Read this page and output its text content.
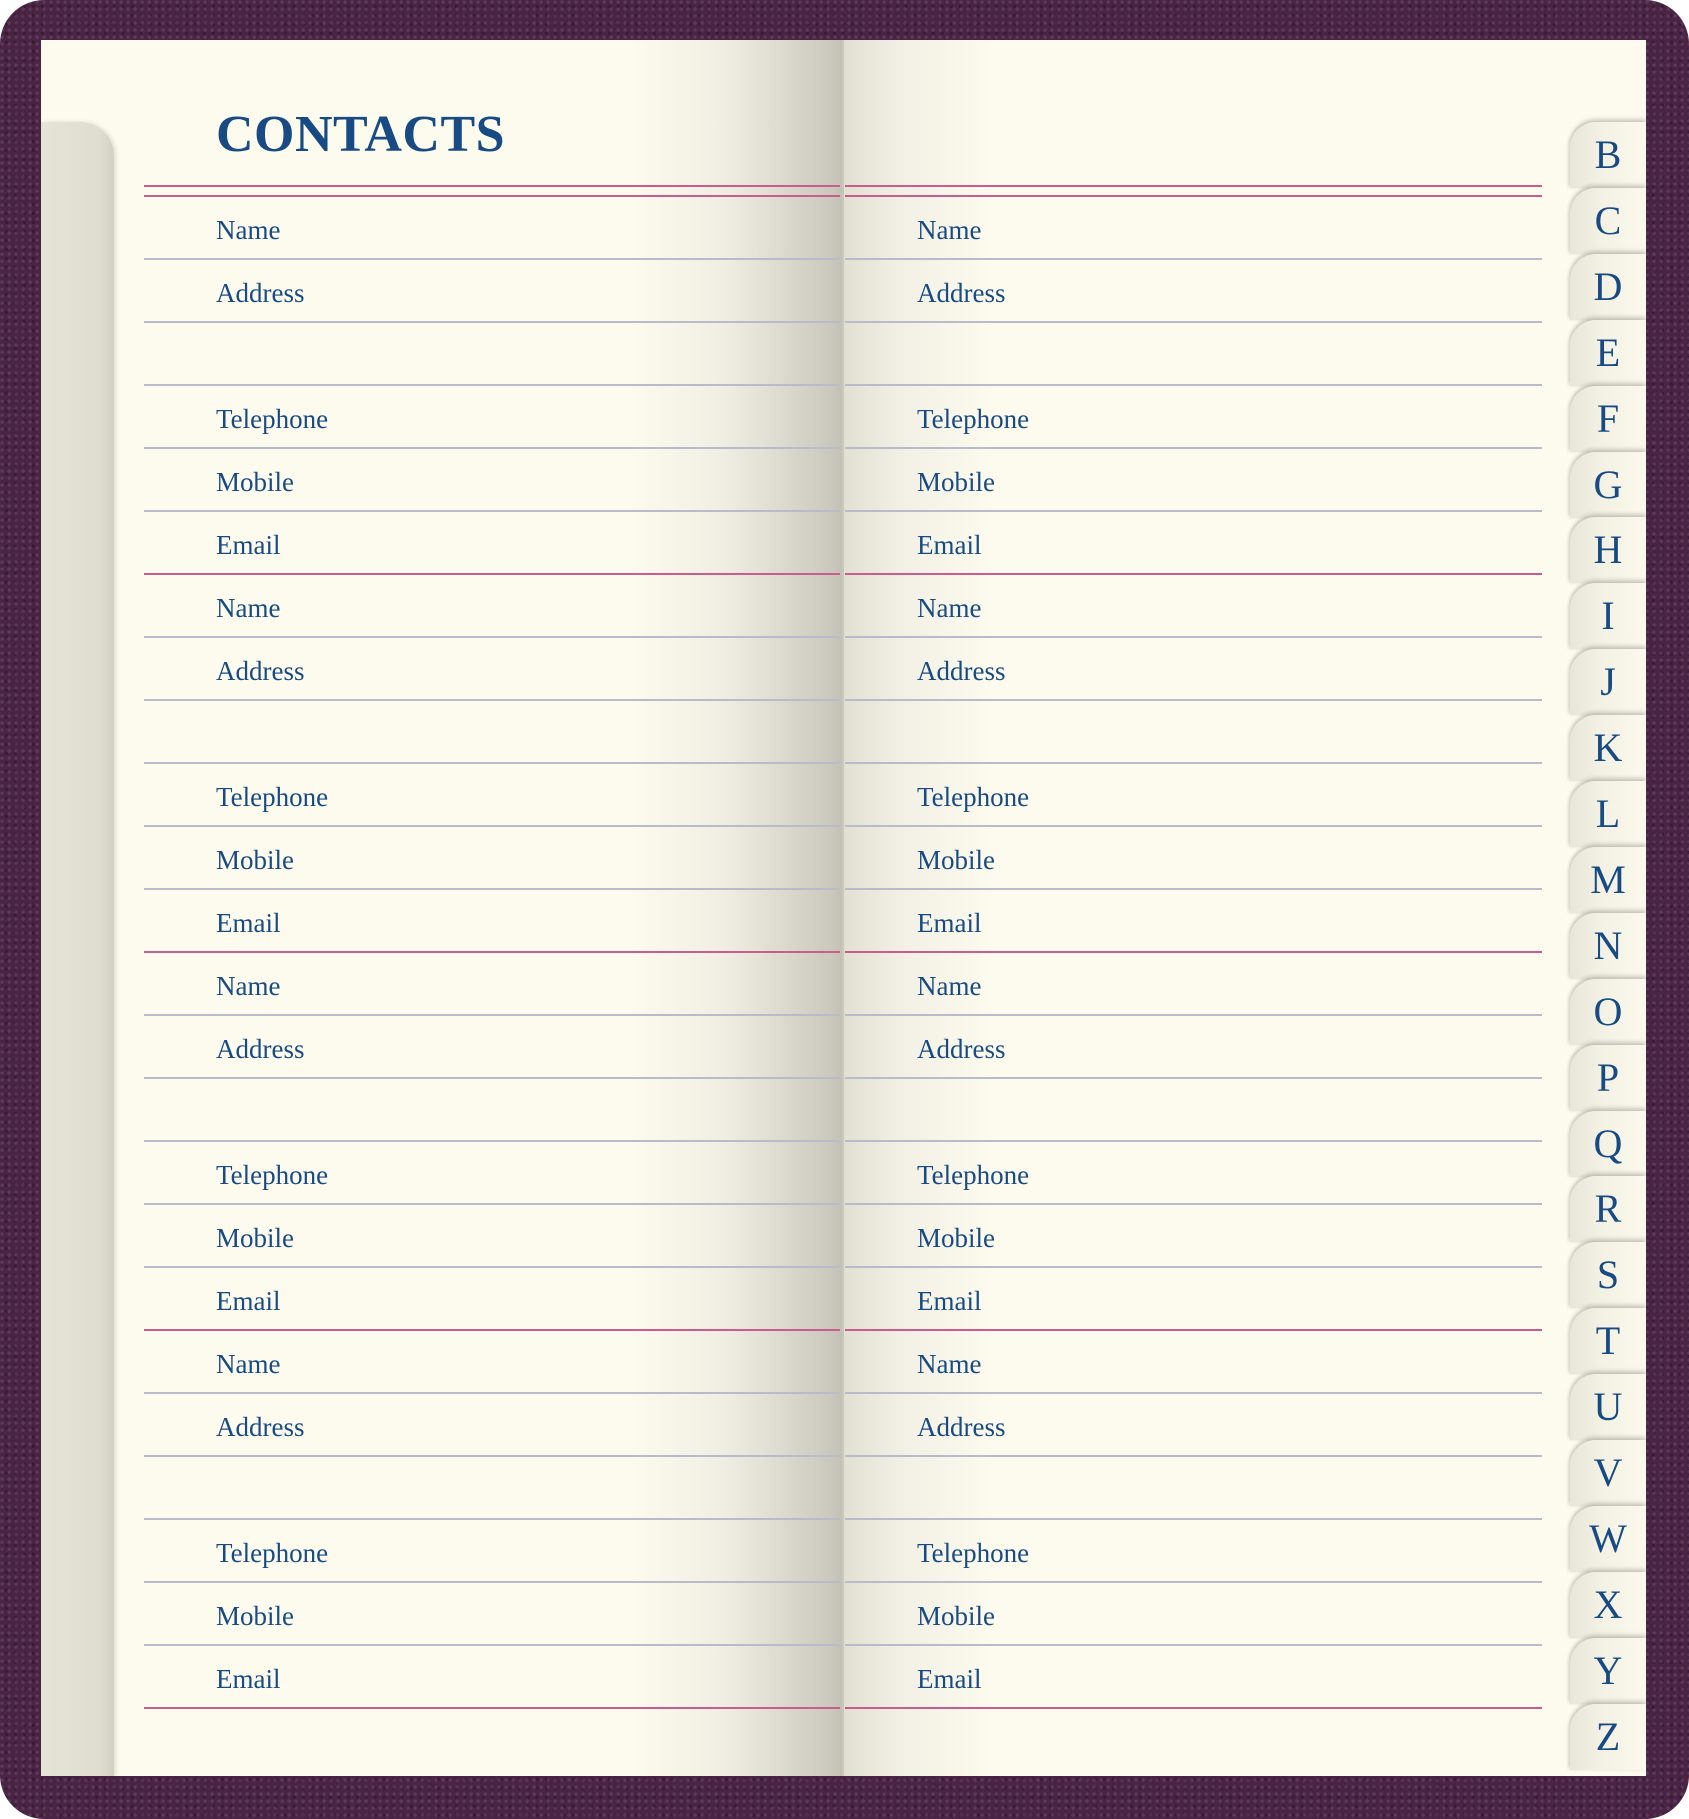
CONTACTS
Name
Address
Telephone
Mobile
Email
Name
Address
Telephone
Mobile
Email
Name
Address
Telephone
Mobile
Email
Name
Address
Telephone
Mobile
Email
Name
Address
Telephone
Mobile
Email
Name
Address
Telephone
Mobile
Email
Name
Address
Telephone
Mobile
Email
Name
Address
Telephone
Mobile
Email
B
C
D
E
F
G
H
I
J
K
L
M
N
O
P
Q
R
S
T
U
V
W
X
Y
Z
